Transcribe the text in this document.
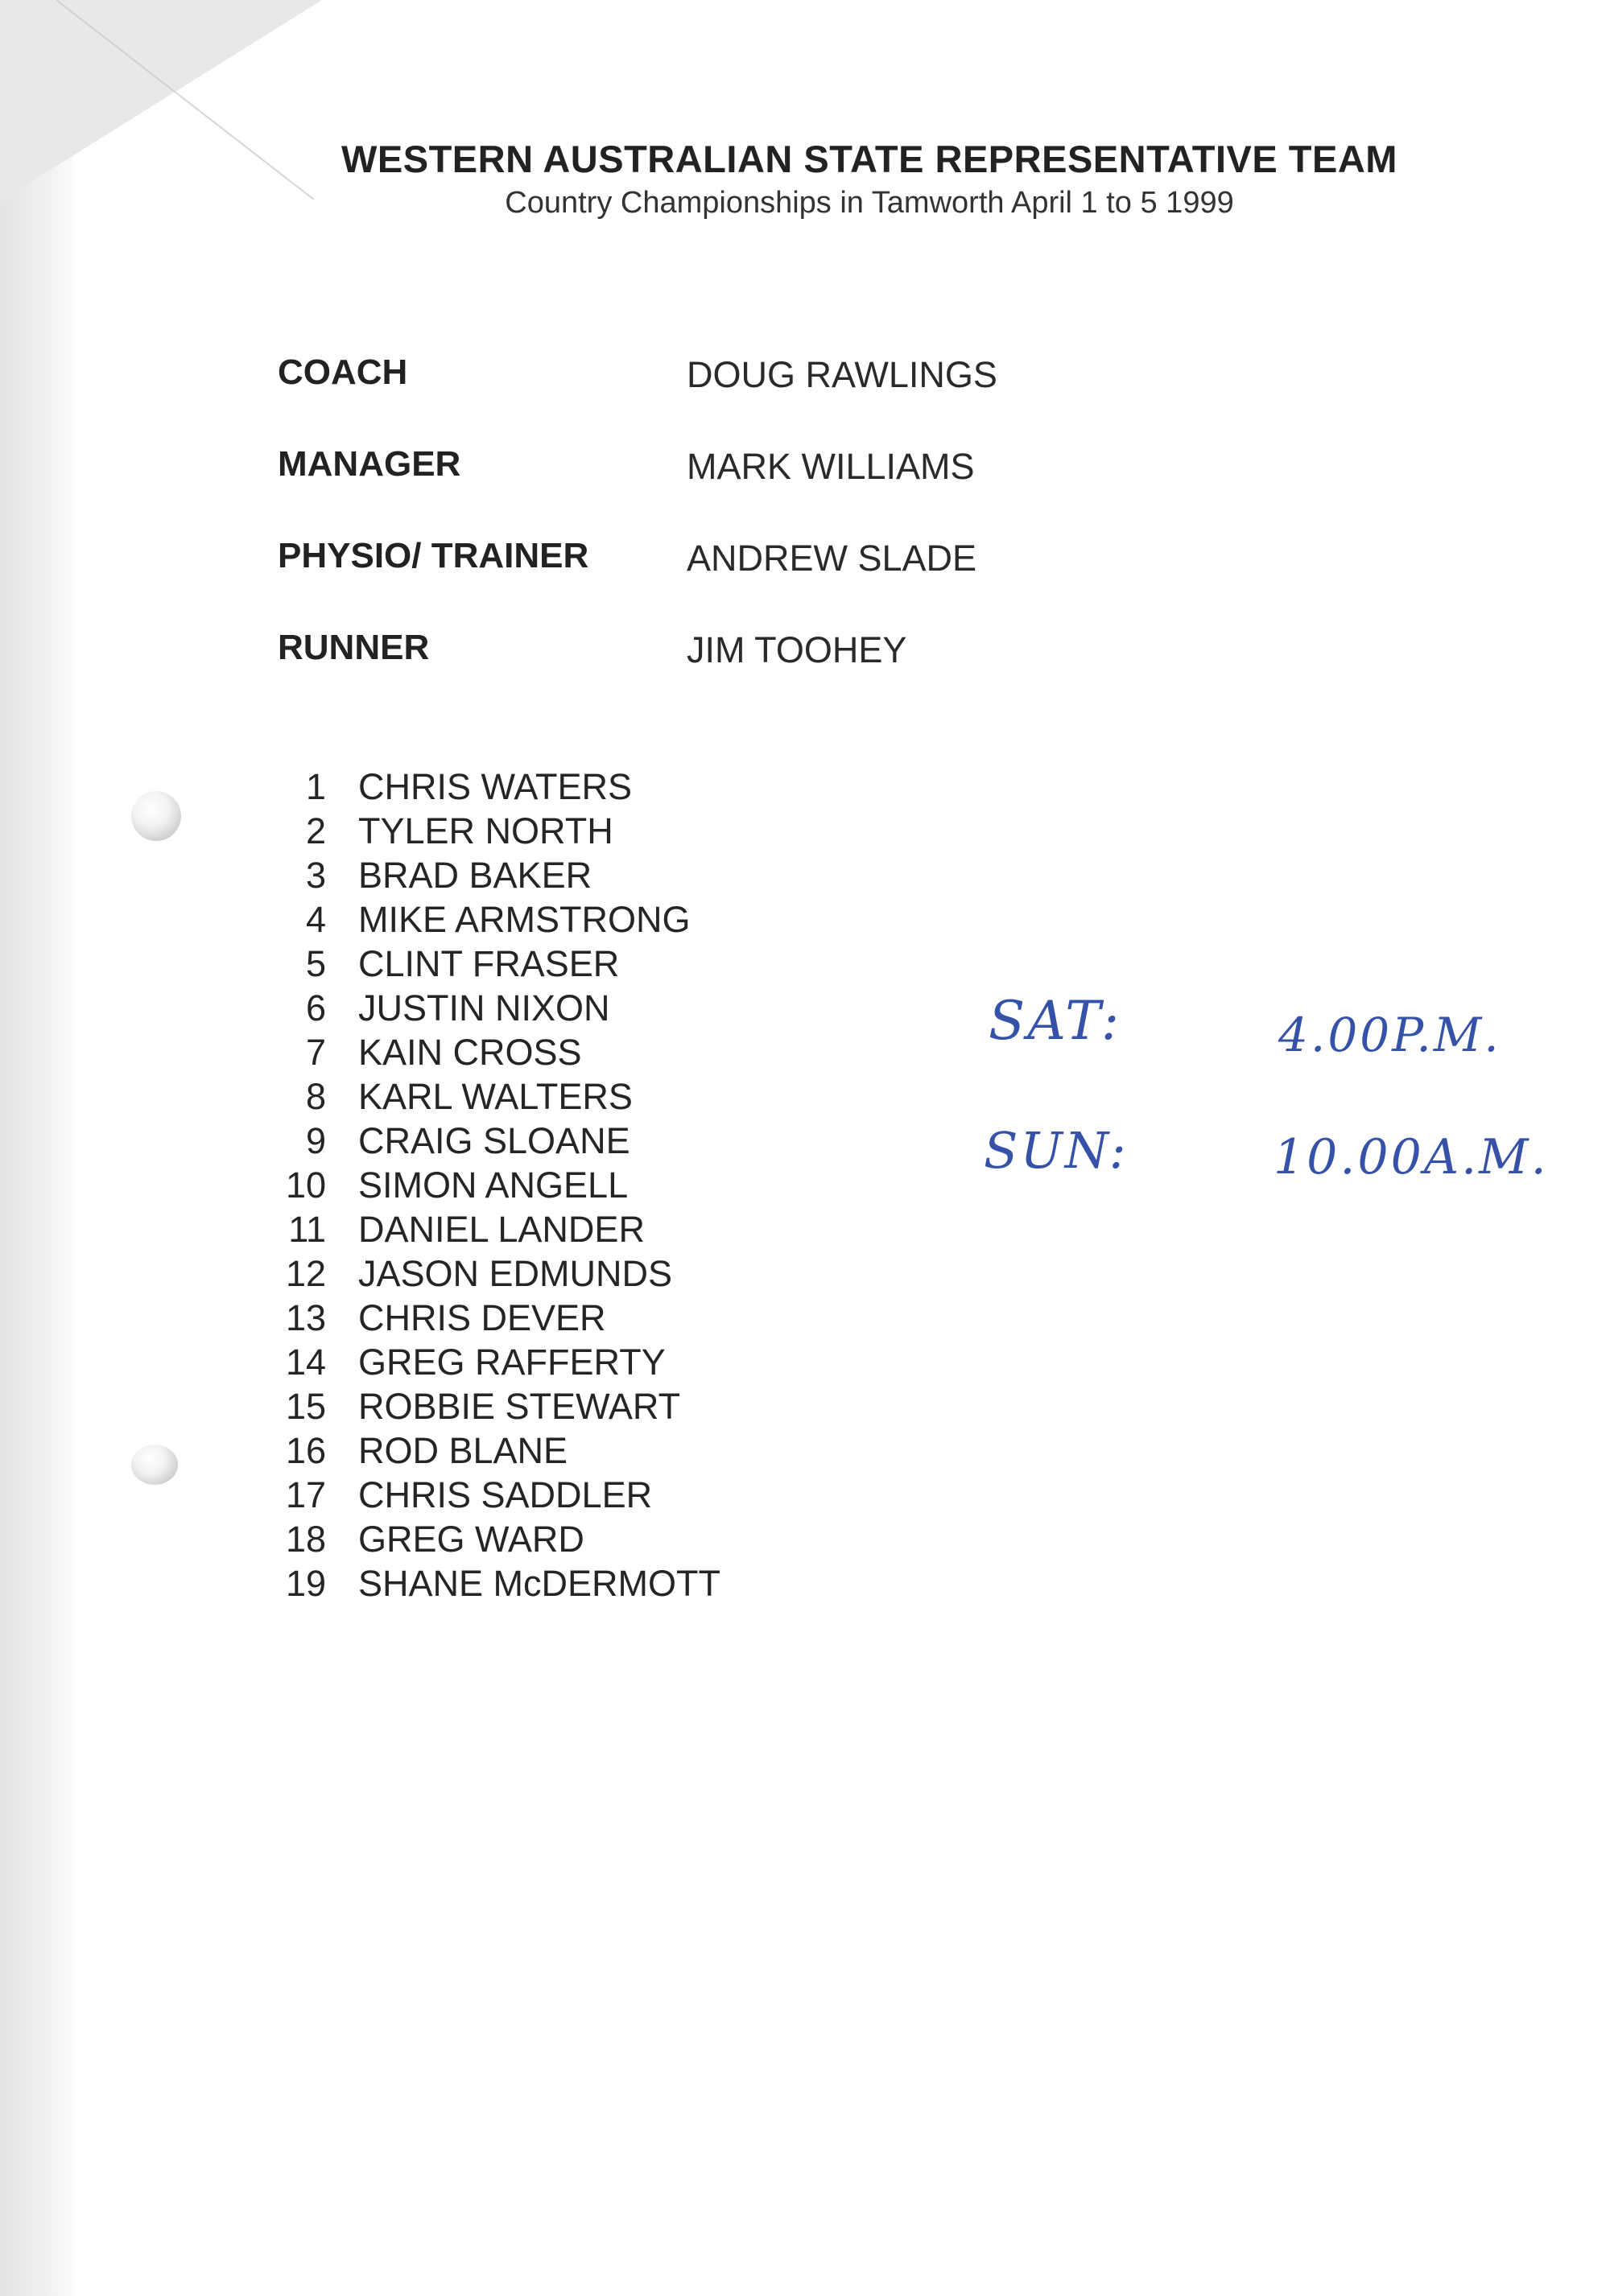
WESTERN AUSTRALIAN STATE REPRESENTATIVE TEAM
Country Championships in Tamworth April 1 to 5 1999
COACH	DOUG RAWLINGS
MANAGER	MARK WILLIAMS
PHYSIO/ TRAINER	ANDREW SLADE
RUNNER	JIM TOOHEY
1 CHRIS WATERS
2 TYLER NORTH
3 BRAD BAKER
4 MIKE ARMSTRONG
5 CLINT FRASER
6 JUSTIN NIXON
7 KAIN CROSS
8 KARL WALTERS
9 CRAIG SLOANE
10 SIMON ANGELL
11 DANIEL LANDER
12 JASON EDMUNDS
13 CHRIS DEVER
14 GREG RAFFERTY
15 ROBBIE STEWART
16 ROD BLANE
17 CHRIS SADDLER
18 GREG WARD
19 SHANE McDERMOTT
SAT:	4.00P.M.
SUN:	10.00A.M.
